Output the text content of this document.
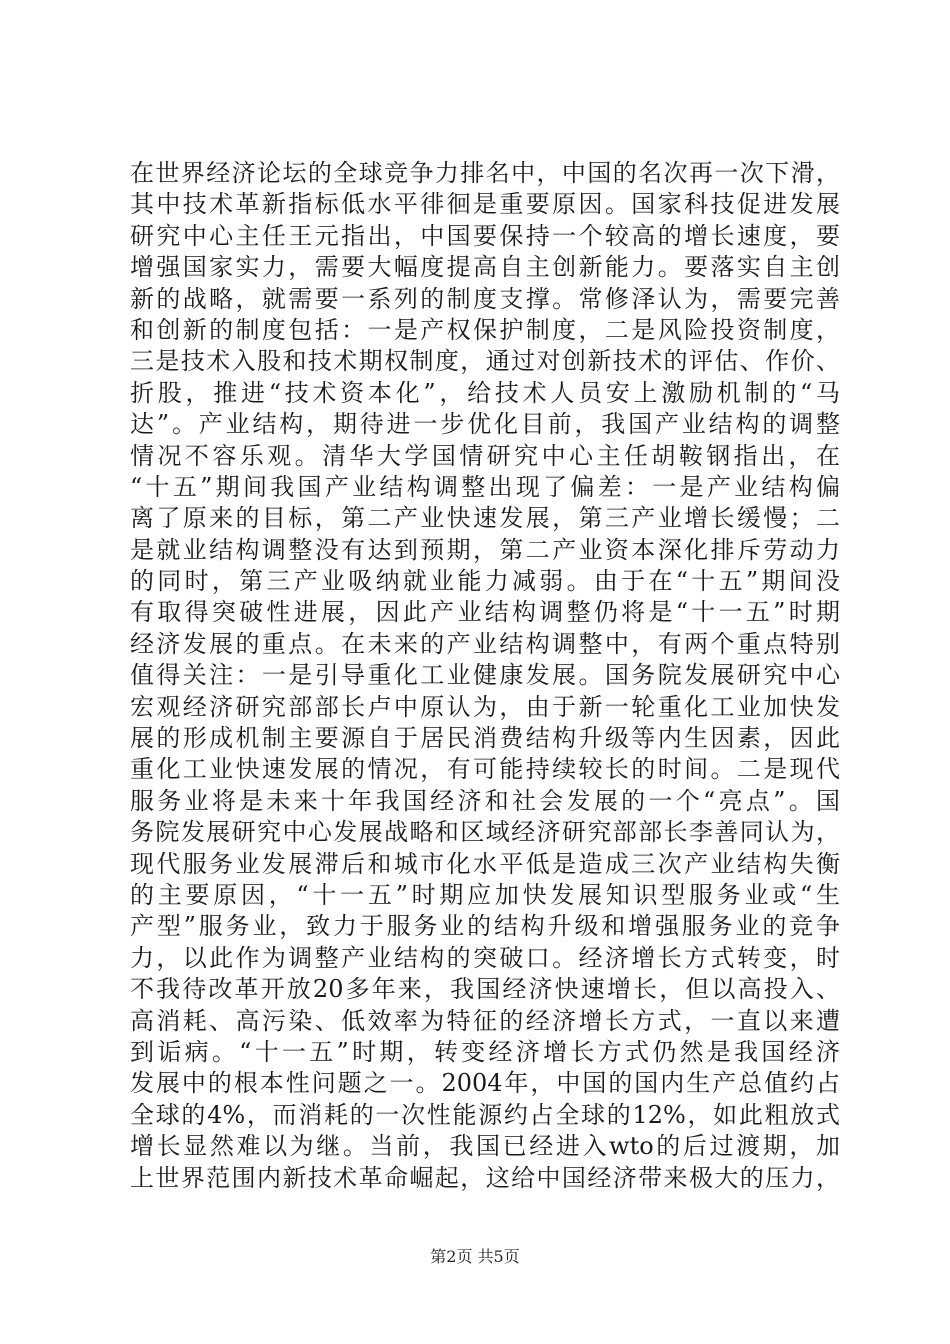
在世界经济论坛的全球竞争力排名中，中国的名次再一次下滑，
其中技术革新指标低水平徘徊是重要原因。国家科技促进发展
研究中心主任王元指出，中国要保持一个较高的增长速度，要
增强国家实力，需要大幅度提高自主创新能力。要落实自主创
新的战略，就需要一系列的制度支撑。常修泽认为，需要完善
和创新的制度包括：一是产权保护制度，二是风险投资制度，
三是技术入股和技术期权制度，通过对创新技术的评估、作价、
折股，推进“技术资本化”，给技术人员安上激励机制的“马
达”。产业结构，期待进一步优化目前，我国产业结构的调整
情况不容乐观。清华大学国情研究中心主任胡鞍钢指出，在
“十五”期间我国产业结构调整出现了偏差：一是产业结构偏
离了原来的目标，第二产业快速发展，第三产业增长缓慢；二
是就业结构调整没有达到预期，第二产业资本深化排斥劳动力
的同时，第三产业吸纳就业能力减弱。由于在“十五”期间没
有取得突破性进展，因此产业结构调整仍将是“十一五”时期
经济发展的重点。在未来的产业结构调整中，有两个重点特别
值得关注：一是引导重化工业健康发展。国务院发展研究中心
宏观经济研究部部长卢中原认为，由于新一轮重化工业加快发
展的形成机制主要源自于居民消费结构升级等内生因素，因此
重化工业快速发展的情况，有可能持续较长的时间。二是现代
服务业将是未来十年我国经济和社会发展的一个“亮点”。国
务院发展研究中心发展战略和区域经济研究部部长李善同认为，
现代服务业发展滞后和城市化水平低是造成三次产业结构失衡
的主要原因，“十一五”时期应加快发展知识型服务业或“生
产型”服务业，致力于服务业的结构升级和增强服务业的竞争
力，以此作为调整产业结构的突破口。经济增长方式转变，时
不我待改革开放20多年来，我国经济快速增长，但以高投入、
高消耗、高污染、低效率为特征的经济增长方式，一直以来遭
到诟病。“十一五”时期，转变经济增长方式仍然是我国经济
发展中的根本性问题之一。2004年，中国的国内生产总值约占
全球的4%，而消耗的一次性能源约占全球的12%，如此粗放式
增长显然难以为继。当前，我国已经进入wto的后过渡期，加
上世界范围内新技术革命崛起，这给中国经济带来极大的压力，
第2页 共5页
